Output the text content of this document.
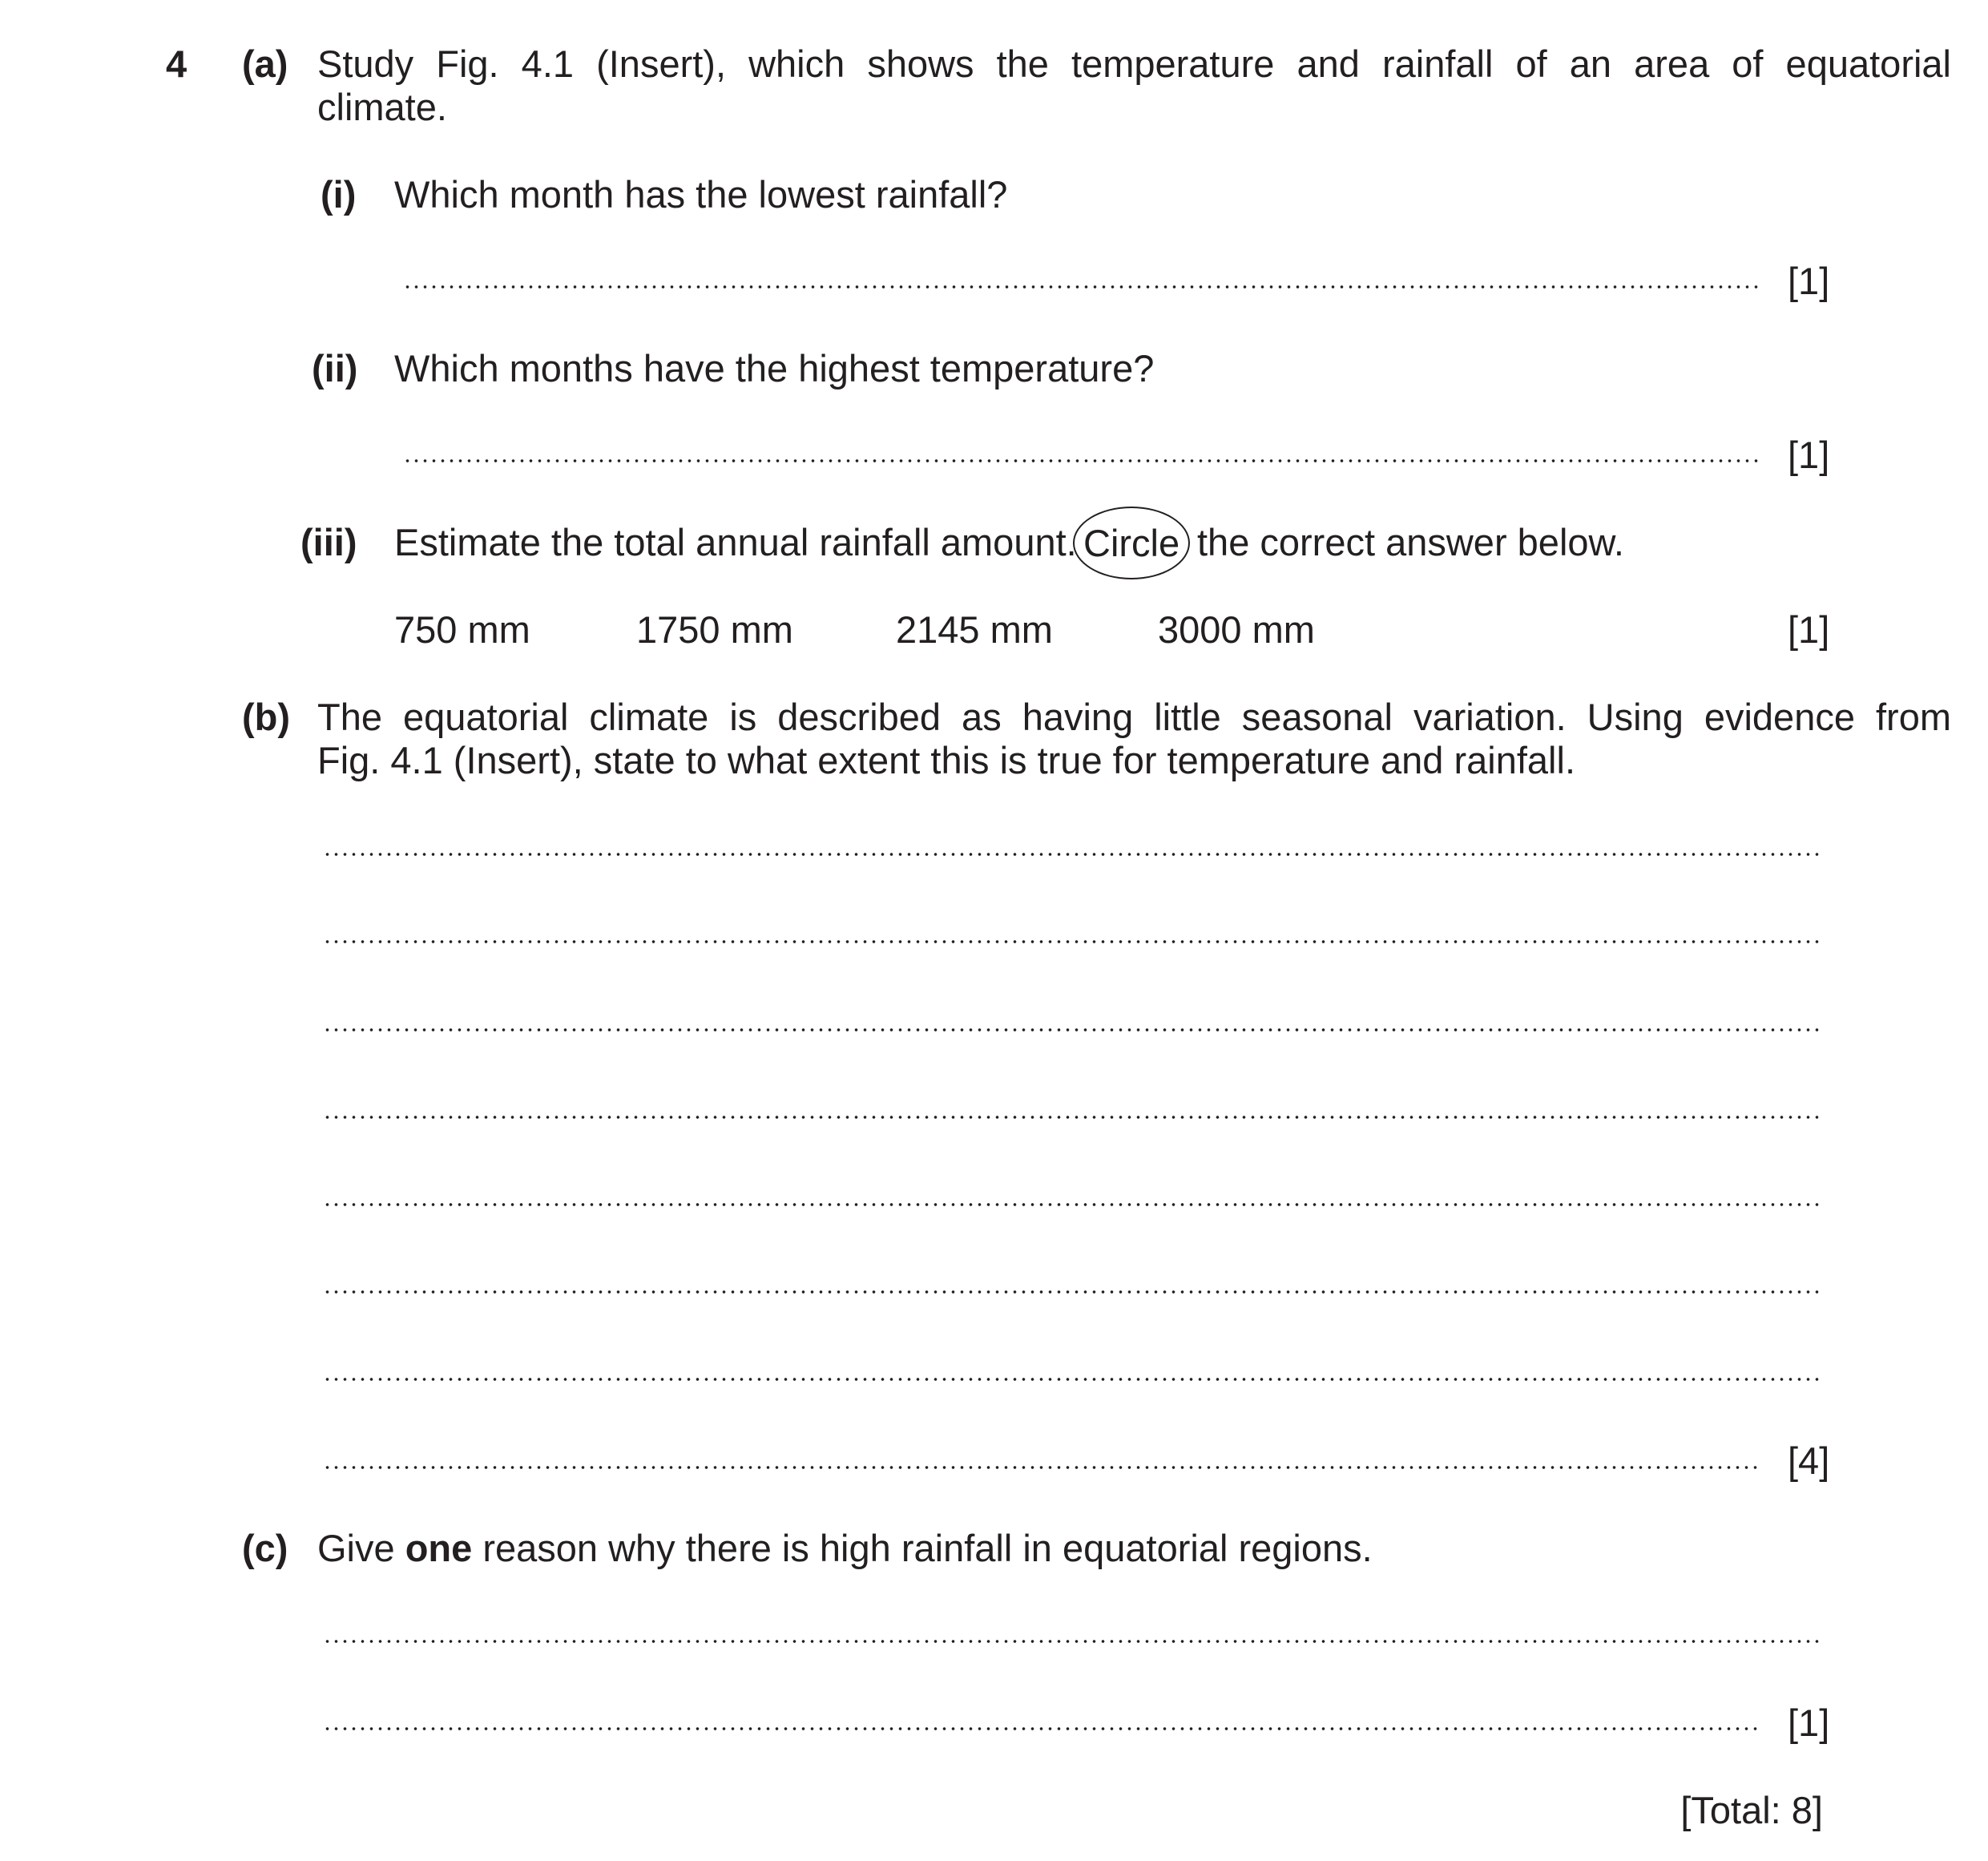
4 (a) Study Fig. 4.1 (Insert), which shows the temperature and rainfall of an area of equatorial
climate.
(i) Which month has the lowest rainfall?
[1]
(ii) Which months have the highest temperature?
[1]
(iii) Estimate the total annual rainfall amount. Circle the correct answer below.
750 mm	1750 mm	2145 mm	3000 mm	[1]
(b) The equatorial climate is described as having little seasonal variation. Using evidence from
Fig. 4.1 (Insert), state to what extent this is true for temperature and rainfall.
[4]
(c) Give one reason why there is high rainfall in equatorial regions.
[1]
[Total: 8]
